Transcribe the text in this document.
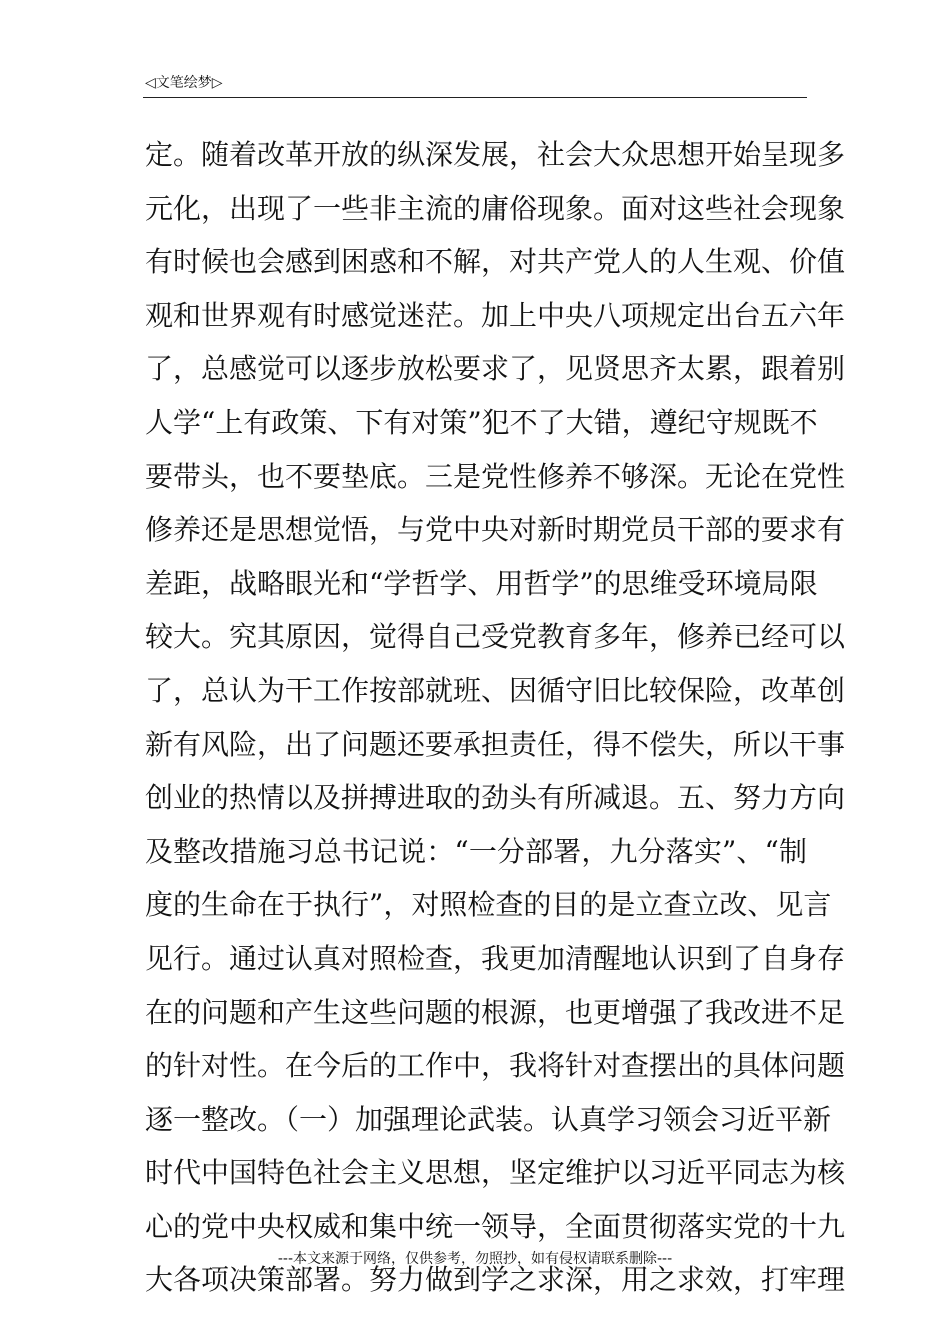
◁文笔绘梦▷
定。随着改革开放的纵深发展，社会大众思想开始呈现多
元化，出现了一些非主流的庸俗现象。面对这些社会现象
有时候也会感到困惑和不解，对共产党人的人生观、价值
观和世界观有时感觉迷茫。加上中央八项规定出台五六年
了，总感觉可以逐步放松要求了，见贤思齐太累，跟着别
人学“上有政策、下有对策”犯不了大错，遵纪守规既不
要带头，也不要垫底。三是党性修养不够深。无论在党性
修养还是思想觉悟，与党中央对新时期党员干部的要求有
差距，战略眼光和“学哲学、用哲学”的思维受环境局限
较大。究其原因，觉得自己受党教育多年，修养已经可以
了，总认为干工作按部就班、因循守旧比较保险，改革创
新有风险，出了问题还要承担责任，得不偿失，所以干事
创业的热情以及拼搏进取的劲头有所减退。五、努力方向
及整改措施习总书记说：“一分部署，九分落实”、“制
度的生命在于执行”，对照检查的目的是立查立改、见言
见行。通过认真对照检查，我更加清醒地认识到了自身存
在的问题和产生这些问题的根源，也更增强了我改进不足
的针对性。在今后的工作中，我将针对查摆出的具体问题
逐一整改。（一）加强理论武装。认真学习领会习近平新
时代中国特色社会主义思想，坚定维护以习近平同志为核
心的党中央权威和集中统一领导，全面贯彻落实党的十九
大各项决策部署。努力做到学之求深，用之求效，打牢理
---本文来源于网络，仅供参考，勿照抄，如有侵权请联系删除---
